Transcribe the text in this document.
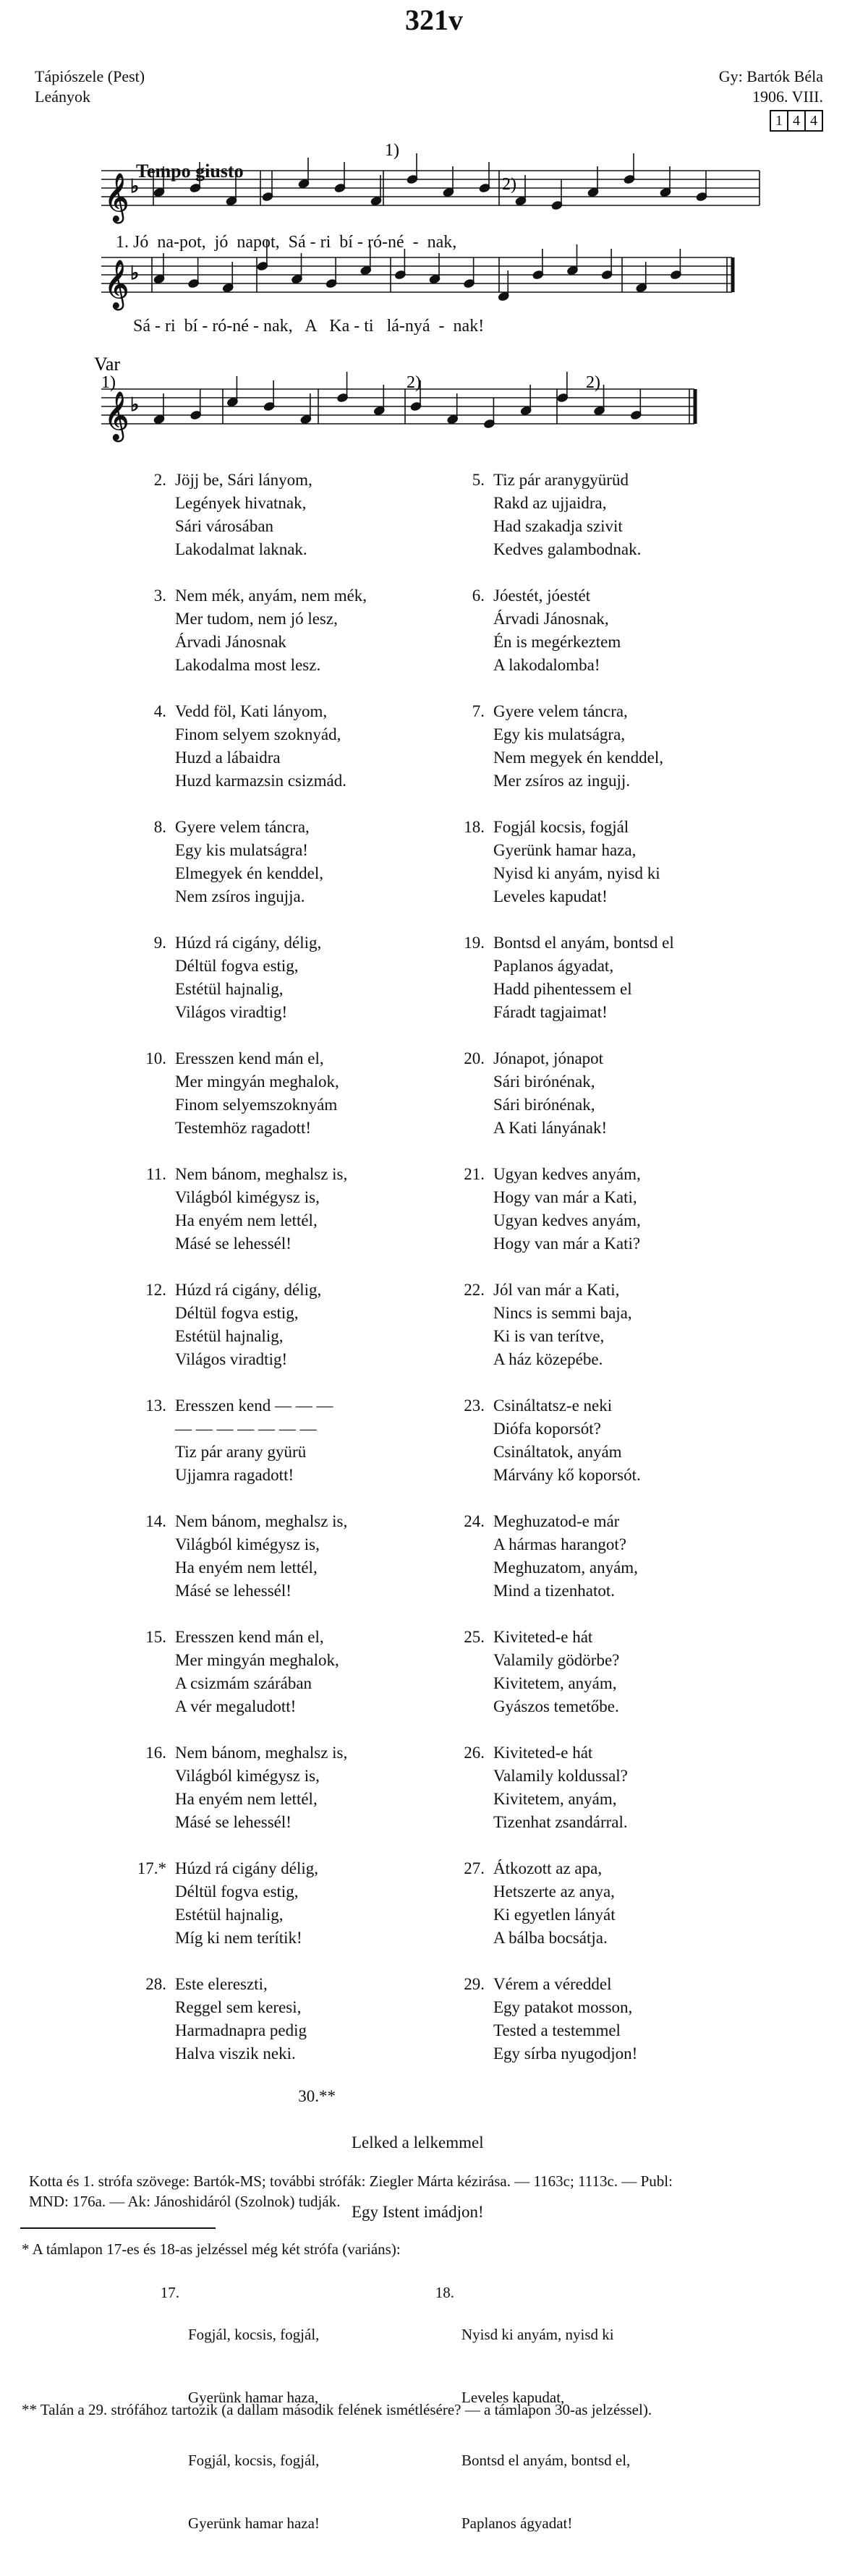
321v
Tápiószele (Pest)
Leányok
Gy: Bartók Béla
1906. VIII.
1 4 4
Tempo giusto
𝄞 ♭
𝄞 ♭
𝄞 ♭
1)
2)
1)	2)	2)
Var
1. Jó  na-pot,  jó  napot,  Sá - ri  bí - ró-né  -  nak,
Sá - ri  bí - ró-né - nak,   A   Ka - ti   lá-nyá  -  nak!
2. Jöjj be, Sári lányom,
Legények hivatnak,
Sári városában
Lakodalmat laknak.
3. Nem mék, anyám, nem mék,
Mer tudom, nem jó lesz,
Árvadi Jánosnak
Lakodalma most lesz.
4. Vedd föl, Kati lányom,
Finom selyem szoknyád,
Huzd a lábaidra
Huzd karmazsin csizmád.
8. Gyere velem táncra,
Egy kis mulatságra!
Elmegyek én kenddel,
Nem zsíros ingujja.
9. Húzd rá cigány, délig,
Déltül fogva estig,
Estétül hajnalig,
Világos viradtig!
10. Eresszen kend mán el,
Mer mingyán meghalok,
Finom selyemszoknyám
Testemhöz ragadott!
11. Nem bánom, meghalsz is,
Világból kimégysz is,
Ha enyém nem lettél,
Másé se lehessél!
12. Húzd rá cigány, délig,
Déltül fogva estig,
Estétül hajnalig,
Világos viradtig!
13. Eresszen kend — — —
— — — — — — —
Tiz pár arany gyürü
Ujjamra ragadott!
14. Nem bánom, meghalsz is,
Világból kimégysz is,
Ha enyém nem lettél,
Másé se lehessél!
15. Eresszen kend mán el,
Mer mingyán meghalok,
A csizmám szárában
A vér megaludott!
16. Nem bánom, meghalsz is,
Világból kimégysz is,
Ha enyém nem lettél,
Másé se lehessél!
17.* Húzd rá cigány délig,
Déltül fogva estig,
Estétül hajnalig,
Míg ki nem terítik!
28. Este elereszti,
Reggel sem keresi,
Harmadnapra pedig
Halva viszik neki.
5. Tiz pár aranygyürüd
Rakd az ujjaidra,
Had szakadja szivit
Kedves galambodnak.
6. Jóestét, jóestét
Árvadi Jánosnak,
Én is megérkeztem
A lakodalomba!
7. Gyere velem táncra,
Egy kis mulatságra,
Nem megyek én kenddel,
Mer zsíros az ingujj.
18. Fogjál kocsis, fogjál
Gyerünk hamar haza,
Nyisd ki anyám, nyisd ki
Leveles kapudat!
19. Bontsd el anyám, bontsd el
Paplanos ágyadat,
Hadd pihentessem el
Fáradt tagjaimat!
20. Jónapot, jónapot
Sári birónénak,
Sári birónénak,
A Kati lányának!
21. Ugyan kedves anyám,
Hogy van már a Kati,
Ugyan kedves anyám,
Hogy van már a Kati?
22. Jól van már a Kati,
Nincs is semmi baja,
Ki is van terítve,
A ház közepébe.
23. Csináltatsz-e neki
Diófa koporsót?
Csináltatok, anyám
Márvány kő koporsót.
24. Meghuzatod-e már
A hármas harangot?
Meghuzatom, anyám,
Mind a tizenhatot.
25. Kiviteted-e hát
Valamily gödörbe?
Kivitetem, anyám,
Gyászos temetőbe.
26. Kiviteted-e hát
Valamily koldussal?
Kivitetem, anyám,
Tizenhat zsandárral.
27. Átkozott az apa,
Hetszerte az anya,
Ki egyetlen lányát
A bálba bocsátja.
29. Vérem a véreddel
Egy patakot mosson,
Tested a testemmel
Egy sírba nyugodjon!
30.**

Lelked a lelkemmel

Egy Istent imádjon!

Kotta és 1. strófa szövege: Bartók-MS; további strófák: Ziegler Márta kézirása. — 1163c; 1113c. — Publ:
MND: 176a. — Ak: Jánoshidáról (Szolnok) tudják.
* A támlapon 17-es és 18-as jelzéssel még két strófa (variáns):
17.

Fogjál, kocsis, fogjál,

Gyerünk hamar haza,

Fogjál, kocsis, fogjál,

Gyerünk hamar haza!

18.

Nyisd ki anyám, nyisd ki

Leveles kapudat,

Bontsd el anyám, bontsd el,

Paplanos ágyadat!

** Talán a 29. strófához tartozik (a dallam második felének ismétlésére? — a támlapon 30-as jelzéssel).
